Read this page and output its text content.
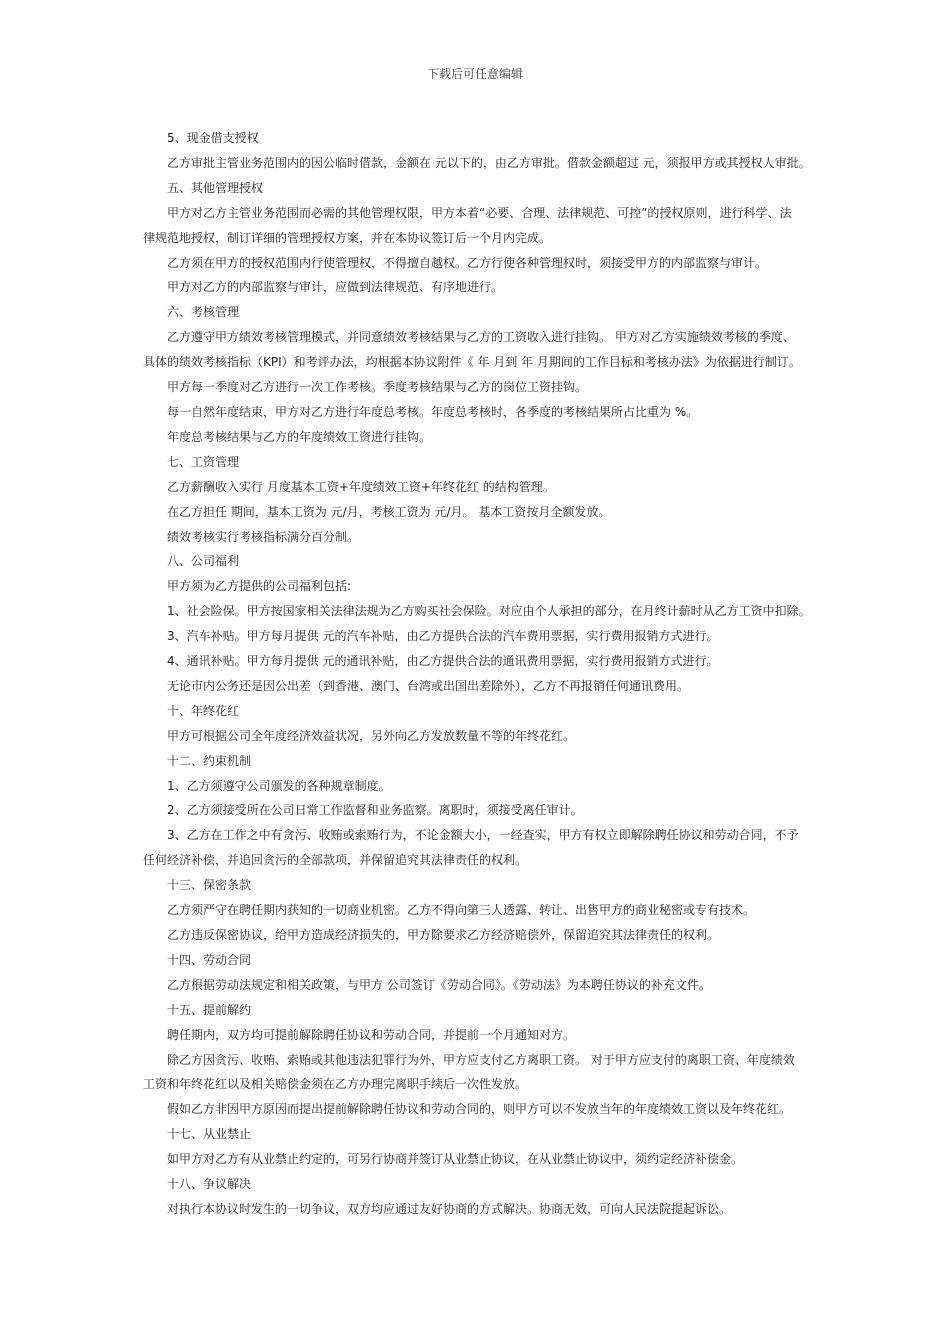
下载后可任意编辑
5、现金借支授权
乙方审批主管业务范围内的因公临时借款，金额在 元以下的，由乙方审批。借款金额超过 元，须报甲方或其授权人审批。
五、其他管理授权
甲方对乙方主管业务范围而必需的其他管理权限，甲方本着“必要、合理、法律规范、可控”的授权原则，进行科学、法
律规范地授权，制订详细的管理授权方案，并在本协议签订后一个月内完成。
乙方须在甲方的授权范围内行使管理权，不得擅自越权。乙方行使各种管理权时，须接受甲方的内部监察与审计。
甲方对乙方的内部监察与审计，应做到法律规范、有序地进行。
六、考核管理
乙方遵守甲方绩效考核管理模式，并同意绩效考核结果与乙方的工资收入进行挂钩。 甲方对乙方实施绩效考核的季度、
具体的绩效考核指标（KPI）和考评办法，均根据本协议附件《 年 月到 年 月期间的工作目标和考核办法》为依据进行制订。
甲方每一季度对乙方进行一次工作考核。季度考核结果与乙方的岗位工资挂钩。
每一自然年度结束，甲方对乙方进行年度总考核。年度总考核时，各季度的考核结果所占比重为 %。
年度总考核结果与乙方的年度绩效工资进行挂钩。
七、工资管理
乙方薪酬收入实行 月度基本工资+年度绩效工资+年终花红 的结构管理。
在乙方担任 期间，基本工资为 元/月，考核工资为 元/月。 基本工资按月全额发放。
绩效考核实行考核指标满分百分制。
八、公司福利
甲方须为乙方提供的公司福利包括:
1、社会险保。甲方按国家相关法律法规为乙方购买社会保险。对应由个人承担的部分，在月终计薪时从乙方工资中扣除。
3、汽车补贴。甲方每月提供 元的汽车补贴，由乙方提供合法的汽车费用票据，实行费用报销方式进行。
4、通讯补贴。甲方每月提供 元的通讯补贴，由乙方提供合法的通讯费用票据，实行费用报销方式进行。
无论市内公务还是因公出差（到香港、澳门、台湾或出国出差除外），乙方不再报销任何通讯费用。
十、年终花红
甲方可根据公司全年度经济效益状况，另外向乙方发放数量不等的年终花红。
十二、约束机制
1、乙方须遵守公司颁发的各种规章制度。
2、乙方须接受所在公司日常工作监督和业务监察。离职时，须接受离任审计。
3、乙方在工作之中有贪污、收贿或索贿行为，不论金额大小，一经查实，甲方有权立即解除聘任协议和劳动合同，不予
任何经济补偿，并追回贪污的全部款项，并保留追究其法律责任的权利。
十三、保密条款
乙方须严守在聘任期内获知的一切商业机密。乙方不得向第三人透露、转让、出售甲方的商业秘密或专有技术。
乙方违反保密协议，给甲方造成经济损失的，甲方除要求乙方经济赔偿外，保留追究其法律责任的权利。
十四、劳动合同
乙方根据劳动法规定和相关政策，与甲方 公司签订《劳动合同》。《劳动法》为本聘任协议的补充文件。
十五、提前解约
聘任期内，双方均可提前解除聘任协议和劳动合同，并提前一个月通知对方。
除乙方因贪污、收贿、索贿或其他违法犯罪行为外，甲方应支付乙方离职工资。 对于甲方应支付的离职工资、年度绩效
工资和年终花红以及相关赔偿金须在乙方办理完离职手续后一次性发放。
假如乙方非因甲方原因而提出提前解除聘任协议和劳动合同的，则甲方可以不发放当年的年度绩效工资以及年终花红。
十七、从业禁止
如甲方对乙方有从业禁止约定的，可另行协商并签订从业禁止协议，在从业禁止协议中，须约定经济补偿金。
十八、争议解决
对执行本协议时发生的一切争议，双方均应通过友好协商的方式解决。协商无效，可向人民法院提起诉讼。
